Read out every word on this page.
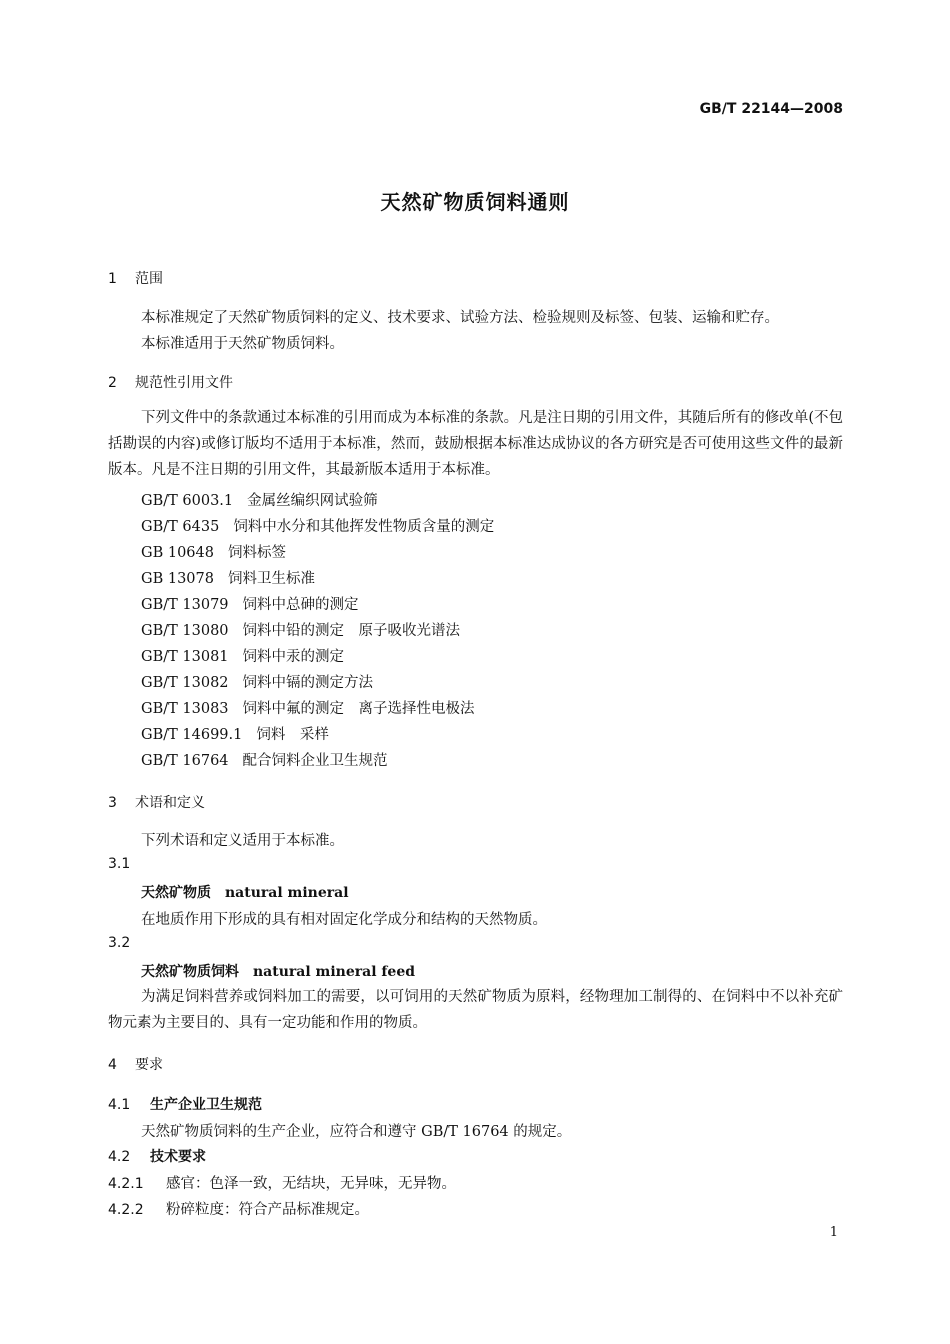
GB/T 22144—2008
天然矿物质饲料通则
1 范围
本标准规定了天然矿物质饲料的定义、技术要求、试验方法、检验规则及标签、包装、运输和贮存。
本标准适用于天然矿物质饲料。
2 规范性引用文件
下列文件中的条款通过本标准的引用而成为本标准的条款。凡是注日期的引用文件，其随后所有的修改单(不包括勘误的内容)或修订版均不适用于本标准，然而，鼓励根据本标准达成协议的各方研究是否可使用这些文件的最新版本。凡是不注日期的引用文件，其最新版本适用于本标准。
GB/T 6003.1 金属丝编织网试验筛
GB/T 6435 饲料中水分和其他挥发性物质含量的测定
GB 10648 饲料标签
GB 13078 饲料卫生标准
GB/T 13079 饲料中总砷的测定
GB/T 13080 饲料中铅的测定　原子吸收光谱法
GB/T 13081 饲料中汞的测定
GB/T 13082 饲料中镉的测定方法
GB/T 13083 饲料中氟的测定　离子选择性电极法
GB/T 14699.1 饲料　采样
GB/T 16764 配合饲料企业卫生规范
3 术语和定义
下列术语和定义适用于本标准。
3.1
天然矿物质 natural mineral
在地质作用下形成的具有相对固定化学成分和结构的天然物质。
3.2
天然矿物质饲料 natural mineral feed
为满足饲料营养或饲料加工的需要，以可饲用的天然矿物质为原料，经物理加工制得的、在饲料中不以补充矿物元素为主要目的、具有一定功能和作用的物质。
4 要求
4.1 生产企业卫生规范
天然矿物质饲料的生产企业，应符合和遵守 GB/T 16764 的规定。
4.2 技术要求
4.2.1 感官：色泽一致，无结块，无异味，无异物。
4.2.2 粉碎粒度：符合产品标准规定。
1
